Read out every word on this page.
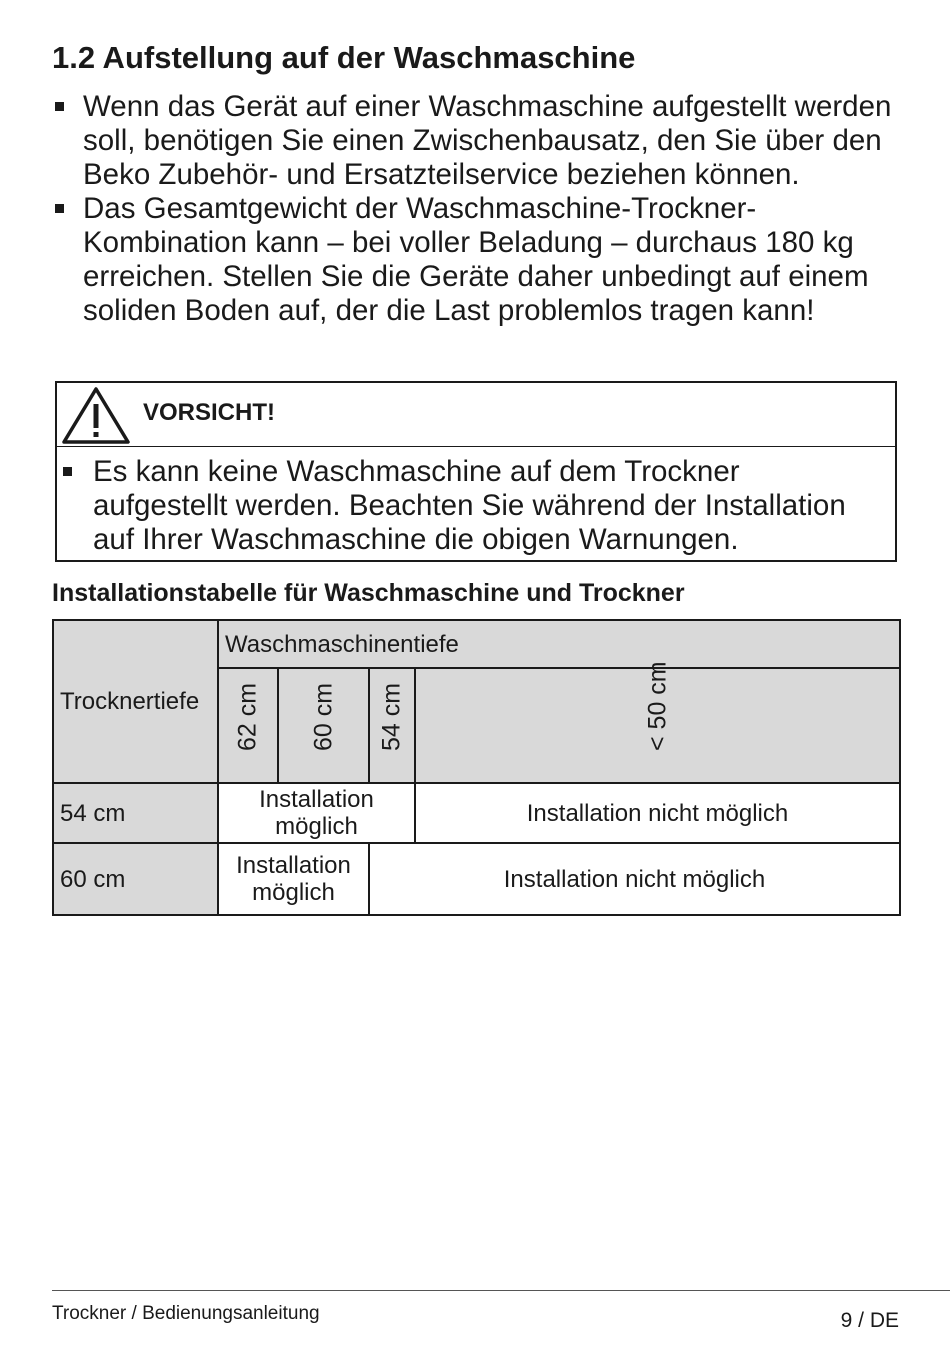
1.2 Aufstellung auf der Waschmaschine
Wenn das Gerät auf einer Waschmaschine aufgestellt werden soll, benötigen Sie einen Zwischenbausatz, den Sie über den Beko Zubehör- und Ersatzteilservice beziehen können.
Das Gesamtgewicht der Waschmaschine-Trockner-Kombination kann – bei voller Beladung – durchaus 180 kg erreichen. Stellen Sie die Geräte daher unbedingt auf einem soliden Boden auf, der die Last problemlos tragen kann!
VORSICHT!
Es kann keine Waschmaschine auf dem Trockner aufgestellt werden. Beachten Sie während der Installation auf Ihrer Waschmaschine die obigen Warnungen.
Installationstabelle für Waschmaschine und Trockner
Trocknertiefe	Waschmaschinentiefe			

	62 cm	60 cm	54 cm	< 50 cm

54 cm	Installation möglich			Installation nicht möglich
60 cm	Installation möglich		Installation nicht möglich	
Trockner / Bedienungsanleitung	9 / DE
